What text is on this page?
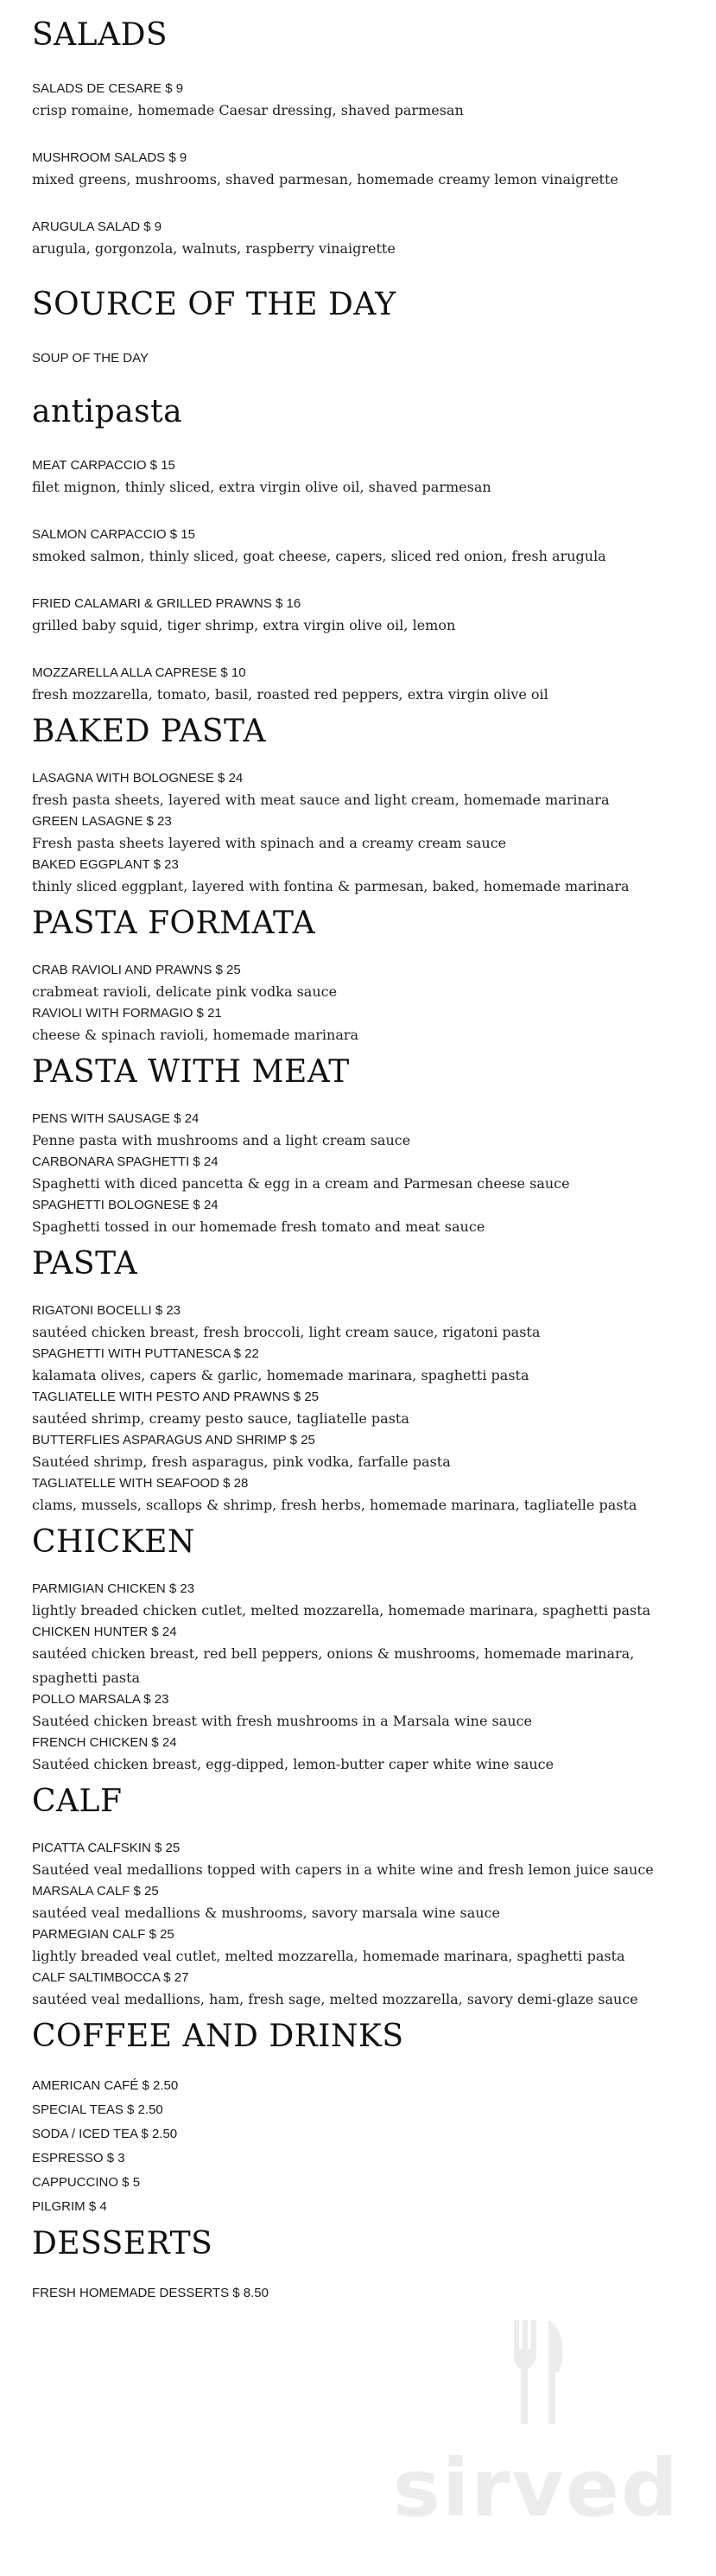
SALADS

SALADS DE CESARE $ 9

crisp romaine, homemade Caesar dressing, shaved parmesan

MUSHROOM SALADS $ 9

mixed greens, mushrooms, shaved parmesan, homemade creamy lemon vinaigrette

ARUGULA SALAD $ 9

arugula, gorgonzola, walnuts, raspberry vinaigrette

SOURCE OF THE DAY

SOUP OF THE DAY

antipasta

MEAT CARPACCIO $ 15

filet mignon, thinly sliced, extra virgin olive oil, shaved parmesan

SALMON CARPACCIO $ 15

smoked salmon, thinly sliced, goat cheese, capers, sliced red onion, fresh arugula

FRIED CALAMARI & GRILLED PRAWNS $ 16

grilled baby squid, tiger shrimp, extra virgin olive oil, lemon

MOZZARELLA ALLA CAPRESE $ 10

fresh mozzarella, tomato, basil, roasted red peppers, extra virgin olive oil

BAKED PASTA

LASAGNA WITH BOLOGNESE $ 24

fresh pasta sheets, layered with meat sauce and light cream, homemade marinara

GREEN LASAGNE $ 23

Fresh pasta sheets layered with spinach and a creamy cream sauce

BAKED EGGPLANT $ 23

thinly sliced eggplant, layered with fontina & parmesan, baked, homemade marinara

PASTA FORMATA

CRAB RAVIOLI AND PRAWNS $ 25

crabmeat ravioli, delicate pink vodka sauce

RAVIOLI WITH FORMAGIO $ 21

cheese & spinach ravioli, homemade marinara

PASTA WITH MEAT

PENS WITH SAUSAGE $ 24

Penne pasta with mushrooms and a light cream sauce

CARBONARA SPAGHETTI $ 24

Spaghetti with diced pancetta & egg in a cream and Parmesan cheese sauce

SPAGHETTI BOLOGNESE $ 24

Spaghetti tossed in our homemade fresh tomato and meat sauce

PASTA

RIGATONI BOCELLI $ 23

sautéed chicken breast, fresh broccoli, light cream sauce, rigatoni pasta

SPAGHETTI WITH PUTTANESCA $ 22

kalamata olives, capers & garlic, homemade marinara, spaghetti pasta

TAGLIATELLE WITH PESTO AND PRAWNS $ 25

sautéed shrimp, creamy pesto sauce, tagliatelle pasta

BUTTERFLIES ASPARAGUS AND SHRIMP $ 25

Sautéed shrimp, fresh asparagus, pink vodka, farfalle pasta

TAGLIATELLE WITH SEAFOOD $ 28

clams, mussels, scallops & shrimp, fresh herbs, homemade marinara, tagliatelle pasta

CHICKEN

PARMIGIAN CHICKEN $ 23

lightly breaded chicken cutlet, melted mozzarella, homemade marinara, spaghetti pasta

CHICKEN HUNTER $ 24

sautéed chicken breast, red bell peppers, onions & mushrooms, homemade marinara, spaghetti pasta

POLLO MARSALA $ 23

Sautéed chicken breast with fresh mushrooms in a Marsala wine sauce

FRENCH CHICKEN $ 24

Sautéed chicken breast, egg-dipped, lemon-butter caper white wine sauce

CALF

PICATTA CALFSKIN $ 25

Sautéed veal medallions topped with capers in a white wine and fresh lemon juice sauce

MARSALA CALF $ 25

sautéed veal medallions & mushrooms, savory marsala wine sauce

PARMEGIAN CALF $ 25

lightly breaded veal cutlet, melted mozzarella, homemade marinara, spaghetti pasta

CALF SALTIMBOCCA $ 27

sautéed veal medallions, ham, fresh sage, melted mozzarella, savory demi-glaze sauce

COFFEE AND DRINKS

AMERICAN CAFÉ $ 2.50

SPECIAL TEAS $ 2.50

SODA / ICED TEA $ 2.50

ESPRESSO $ 3

CAPPUCCINO $ 5

PILGRIM $ 4

DESSERTS

FRESH HOMEMADE DESSERTS $ 8.50

sirved
